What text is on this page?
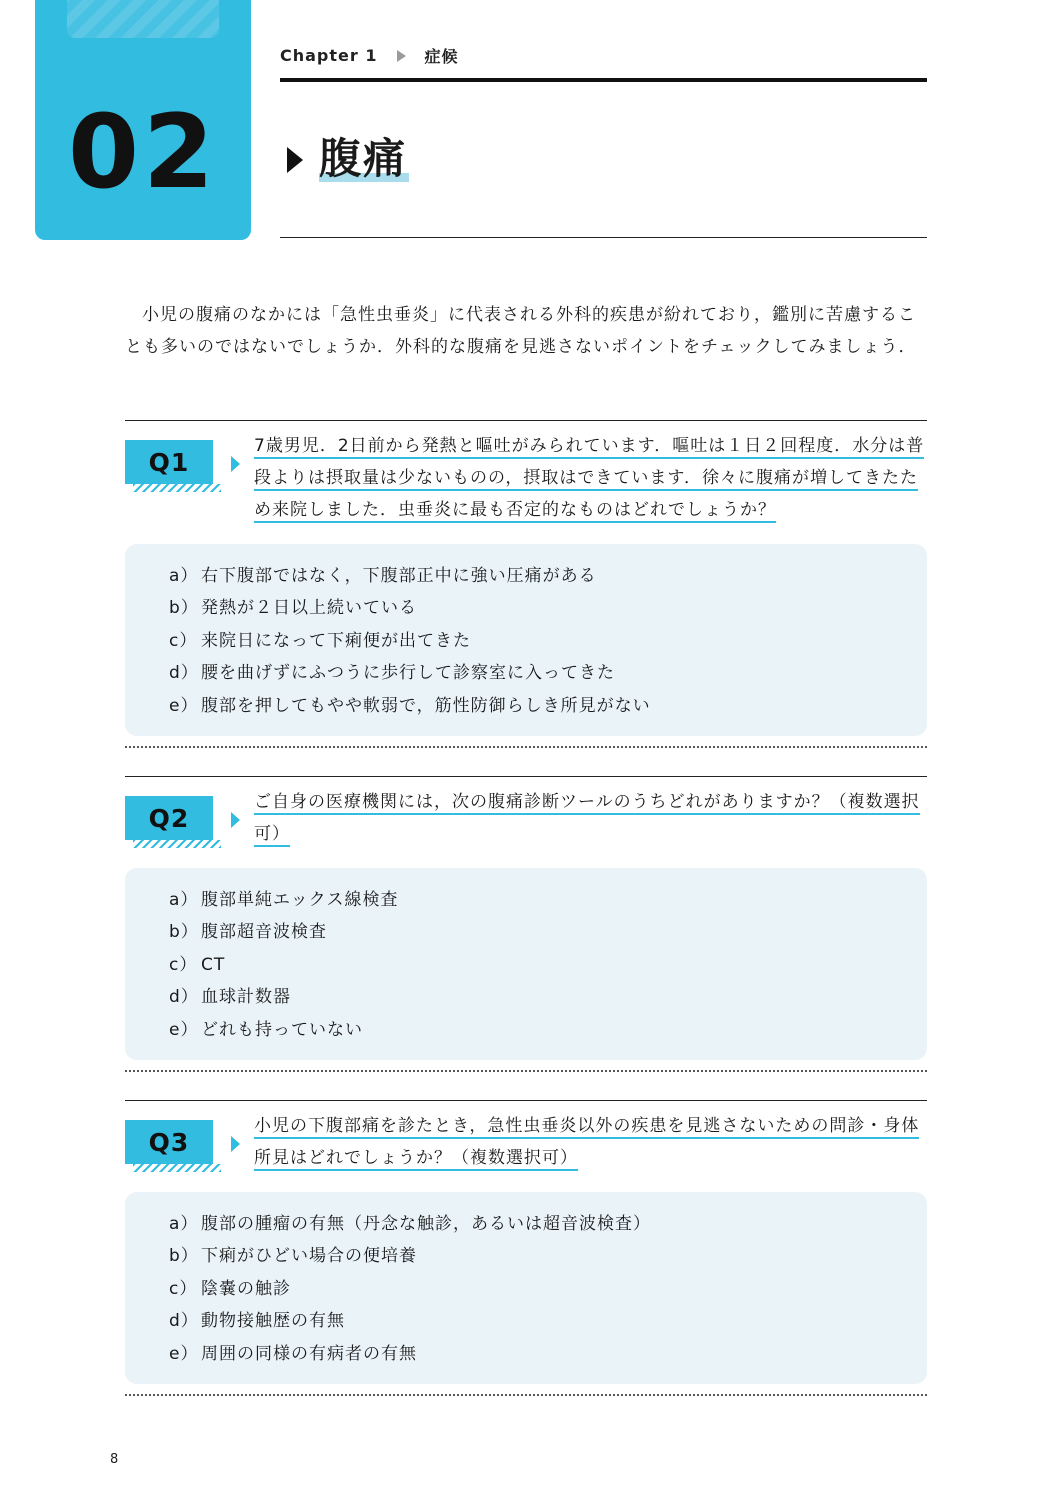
02
Chapter 1	症候
腹痛

小児の腹痛のなかには「急性虫垂炎」に代表される外科的疾患が紛れており，鑑別に苦慮することも多いのではないでしょうか．外科的な腹痛を見逃さないポイントをチェックしてみましょう．

Q1
7歳男児．2日前から発熱と嘔吐がみられています．嘔吐は１日２回程度．水分は普段よりは摂取量は少ないものの，摂取はできています．徐々に腹痛が増してきたため来院しました．虫垂炎に最も否定的なものはどれでしょうか？
a） 右下腹部ではなく，下腹部正中に強い圧痛がある
b） 発熱が２日以上続いている
c） 来院日になって下痢便が出てきた
d） 腰を曲げずにふつうに歩行して診察室に入ってきた
e） 腹部を押してもやや軟弱で，筋性防御らしき所見がない
Q2
ご自身の医療機関には，次の腹痛診断ツールのうちどれがありますか？（複数選択可）
a） 腹部単純エックス線検査
b） 腹部超音波検査
c） CT
d） 血球計数器
e） どれも持っていない
Q3
小児の下腹部痛を診たとき，急性虫垂炎以外の疾患を見逃さないための問診・身体所見はどれでしょうか？（複数選択可）
a） 腹部の腫瘤の有無（丹念な触診，あるいは超音波検査）
b） 下痢がひどい場合の便培養
c） 陰嚢の触診
d） 動物接触歴の有無
e） 周囲の同様の有病者の有無
8
